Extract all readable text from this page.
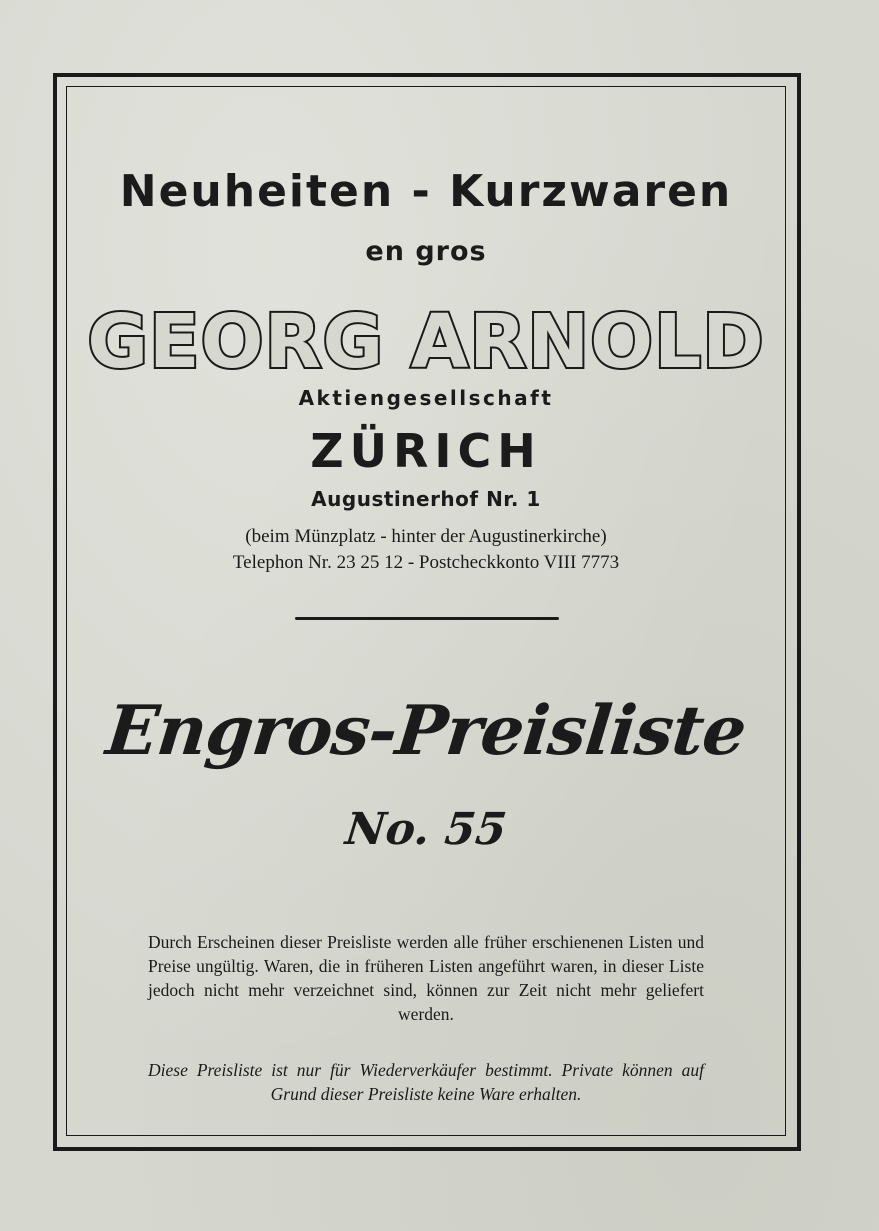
Neuheiten - Kurzwaren

en gros

GEORG ARNOLD

Aktiengesellschaft

ZÜRICH

Augustinerhof Nr. 1

(beim Münzplatz - hinter der Augustinerkirche)

Telephon Nr. 23 25 12 - Postcheckkonto VIII 7773

Engros-Preisliste

No. 55

Durch Erscheinen dieser Preisliste werden alle früher erschienenen Listen und Preise ungültig. Waren, die in früheren Listen angeführt waren, in dieser Liste jedoch nicht mehr verzeichnet sind, können zur Zeit nicht mehr geliefert werden.

Diese Preisliste ist nur für Wiederverkäufer bestimmt. Private können auf Grund dieser Preisliste keine Ware erhalten.
